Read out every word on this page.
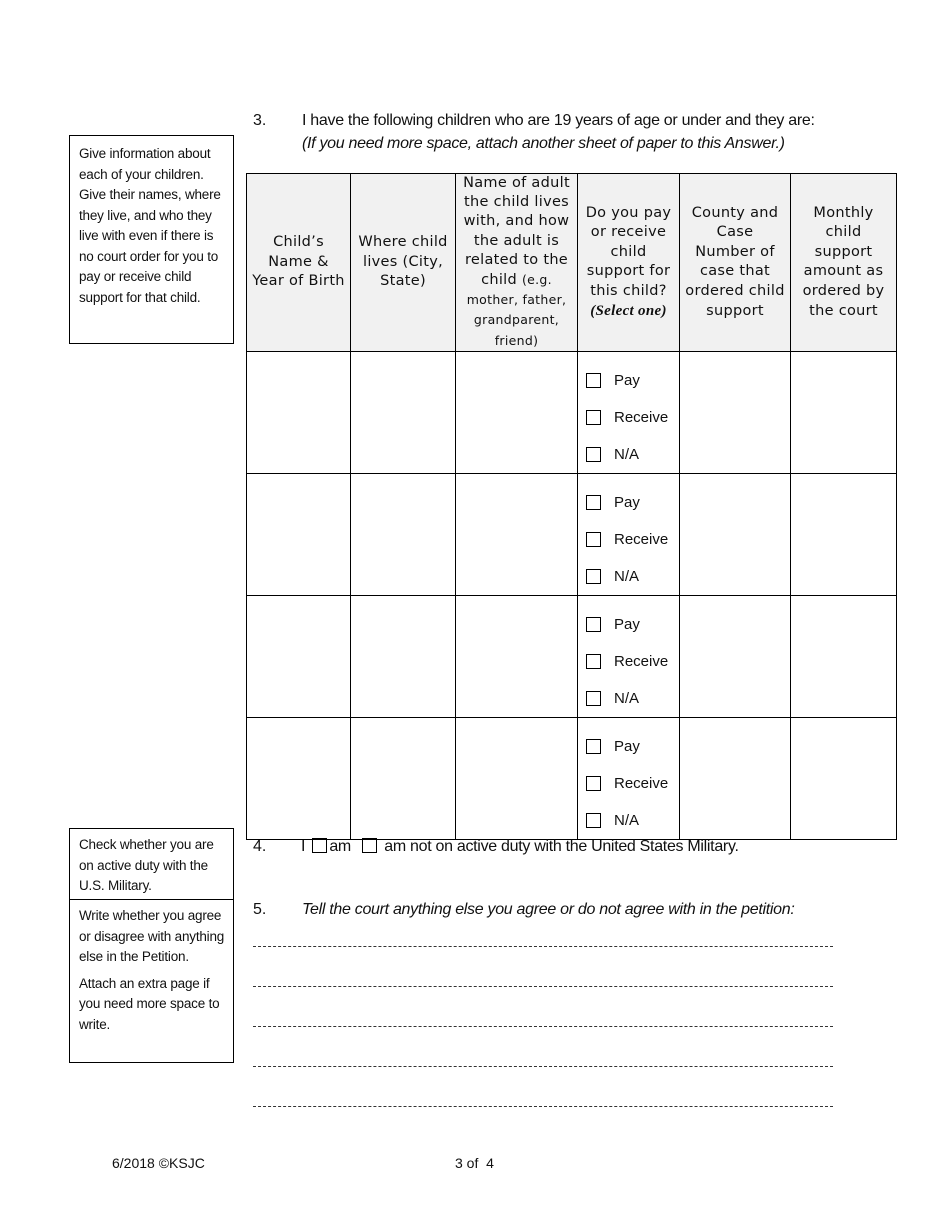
Give information about each of your children. Give their names, where they live, and who they live with even if there is no court order for you to pay or receive child support for that child.

3. I have the following children who are 19 years of age or under and they are:
(If you need more space, attach another sheet of paper to this Answer.)
Child’s Name & Year of Birth	Where child lives (City, State)	Name of adult the child lives with, and how the adult is related to the child (e.g. mother, father, grandparent, friend)	Do you pay or receive child support for this child?
(Select one)	County and Case Number of case that ordered child support	Monthly child support amount as ordered by the court

			Pay
Receive
N/A		

			Pay
Receive
N/A		

			Pay
Receive
N/A		

			Pay
Receive
N/A		

Check whether you are on active duty with the U.S. Military.

Write whether you agree or disagree with anything else in the Petition.

Attach an extra page if you need more space to write.

4. I am am not on active duty with the United States Military.
5. Tell the court anything else you agree or do not agree with in the petition:
6/2018 ©KSJC	3 of  4
